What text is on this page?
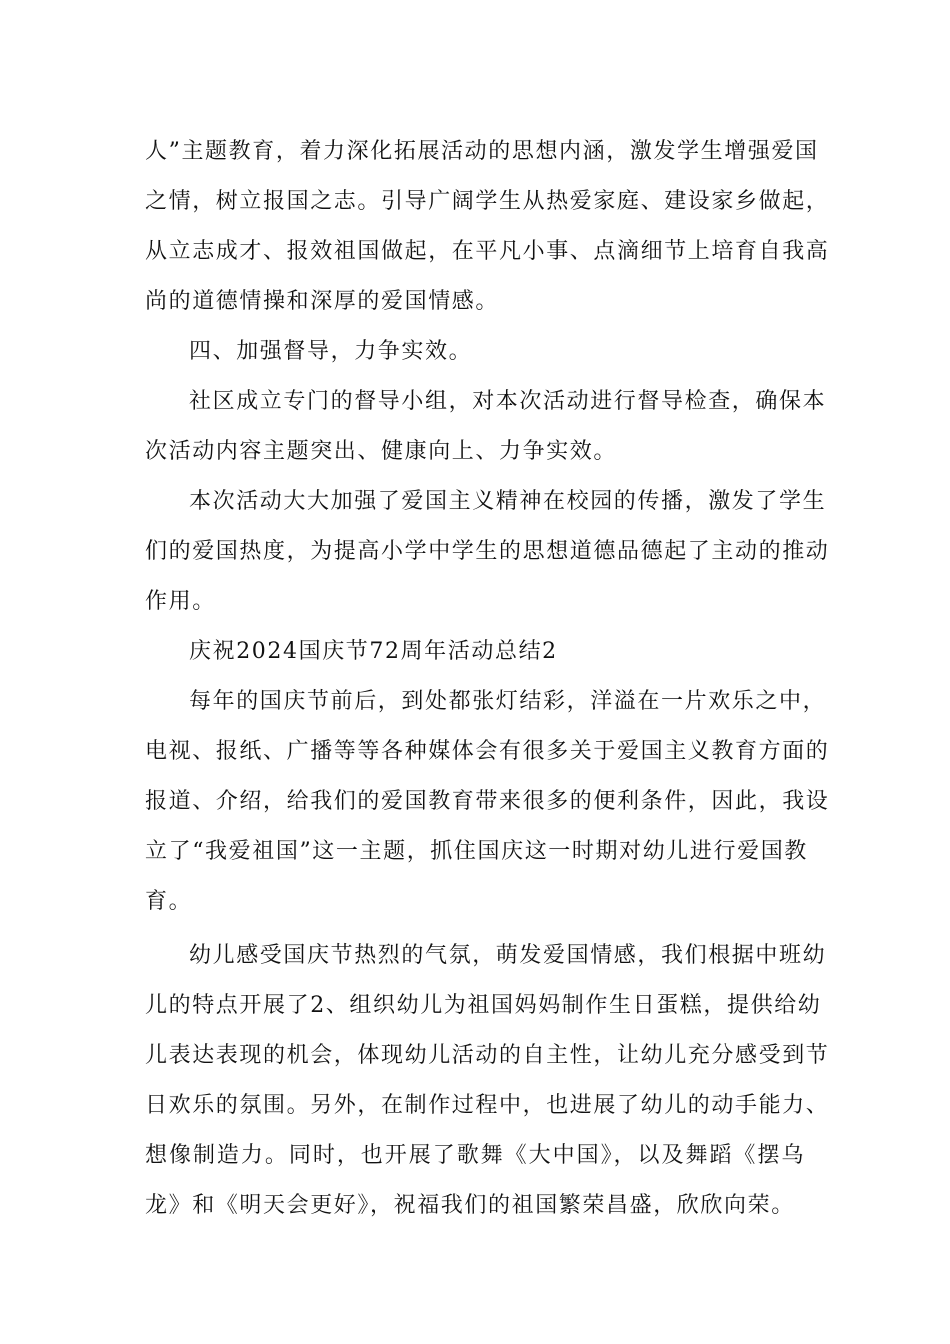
人”主题教育，着力深化拓展活动的思想内涵，激发学生增强爱国
之情，树立报国之志。引导广阔学生从热爱家庭、建设家乡做起，
从立志成才、报效祖国做起，在平凡小事、点滴细节上培育自我高
尚的道德情操和深厚的爱国情感。
四、加强督导，力争实效。
社区成立专门的督导小组，对本次活动进行督导检查，确保本
次活动内容主题突出、健康向上、力争实效。
本次活动大大加强了爱国主义精神在校园的传播，激发了学生
们的爱国热度，为提高小学中学生的思想道德品德起了主动的推动
作用。
庆祝2024国庆节72周年活动总结2
每年的国庆节前后，到处都张灯结彩，洋溢在一片欢乐之中，
电视、报纸、广播等等各种媒体会有很多关于爱国主义教育方面的
报道、介绍，给我们的爱国教育带来很多的便利条件，因此，我设
立了“我爱祖国”这一主题，抓住国庆这一时期对幼儿进行爱国教
育。
幼儿感受国庆节热烈的气氛，萌发爱国情感，我们根据中班幼
儿的特点开展了2、组织幼儿为祖国妈妈制作生日蛋糕，提供给幼
儿表达表现的机会，体现幼儿活动的自主性，让幼儿充分感受到节
日欢乐的氛围。另外，在制作过程中，也进展了幼儿的动手能力、
想像制造力。同时，也开展了歌舞《大中国》，以及舞蹈《摆乌
龙》和《明天会更好》，祝福我们的祖国繁荣昌盛，欣欣向荣。
